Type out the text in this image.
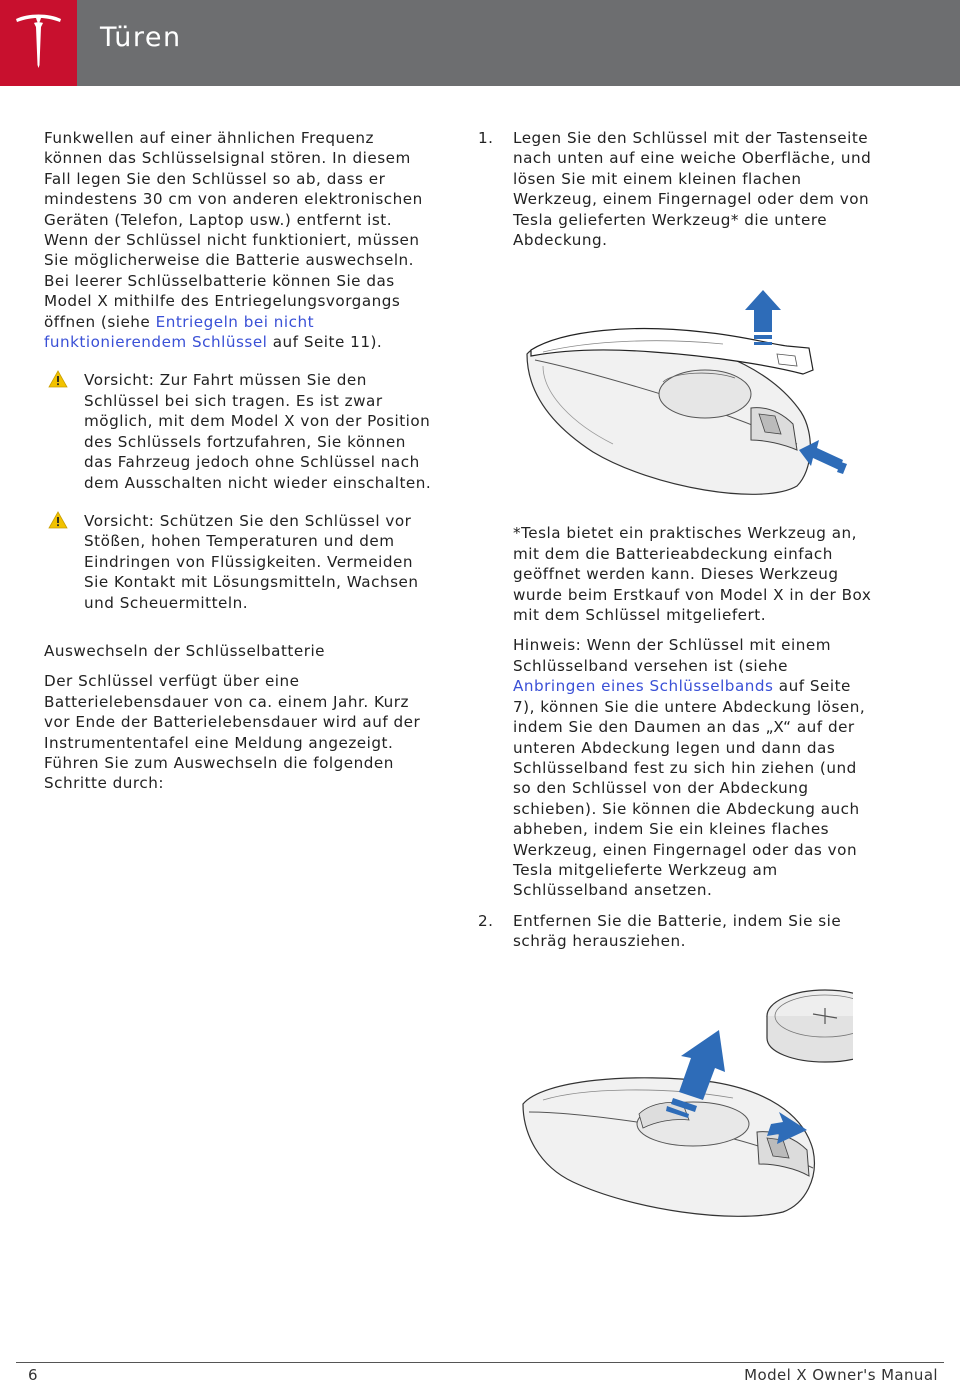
Türen

Funkwellen auf einer ähnlichen Frequenz können das Schlüsselsignal stören. In diesem Fall legen Sie den Schlüssel so ab, dass er mindestens 30 cm von anderen elektronischen Geräten (Telefon, Laptop usw.) entfernt ist. Wenn der Schlüssel nicht funktioniert, müssen Sie möglicherweise die Batterie auswechseln. Bei leerer Schlüsselbatterie können Sie das Model X mithilfe des Entriegelungsvorgangs öffnen (siehe Entriegeln bei nicht funktionierendem Schlüssel auf Seite 11).

Vorsicht: Zur Fahrt müssen Sie den Schlüssel bei sich tragen. Es ist zwar möglich, mit dem Model X von der Position des Schlüssels fortzufahren, Sie können das Fahrzeug jedoch ohne Schlüssel nach dem Ausschalten nicht wieder einschalten.

Vorsicht: Schützen Sie den Schlüssel vor Stößen, hohen Temperaturen und dem Eindringen von Flüssigkeiten. Vermeiden Sie Kontakt mit Lösungsmitteln, Wachsen und Scheuermitteln.

Auswechseln der Schlüsselbatterie

Der Schlüssel verfügt über eine Batterielebensdauer von ca. einem Jahr. Kurz vor Ende der Batterielebensdauer wird auf der Instrumententafel eine Meldung angezeigt. Führen Sie zum Auswechseln die folgenden Schritte durch:

1. Legen Sie den Schlüssel mit der Tastenseite nach unten auf eine weiche Oberfläche, und lösen Sie mit einem kleinen flachen Werkzeug, einem Fingernagel oder dem von Tesla gelieferten Werkzeug* die untere Abdeckung.

*Tesla bietet ein praktisches Werkzeug an, mit dem die Batterieabdeckung einfach geöffnet werden kann. Dieses Werkzeug wurde beim Erstkauf von Model X in der Box mit dem Schlüssel mitgeliefert.

Hinweis: Wenn der Schlüssel mit einem Schlüsselband versehen ist (siehe Anbringen eines Schlüsselbands auf Seite 7), können Sie die untere Abdeckung lösen, indem Sie den Daumen an das „X“ auf der unteren Abdeckung legen und dann das Schlüsselband fest zu sich hin ziehen (und so den Schlüssel von der Abdeckung schieben). Sie können die Abdeckung auch abheben, indem Sie ein kleines flaches Werkzeug, einen Fingernagel oder das von Tesla mitgelieferte Werkzeug am Schlüsselband ansetzen.

2. Entfernen Sie die Batterie, indem Sie sie schräg herausziehen.

6	Model X Owner's Manual
